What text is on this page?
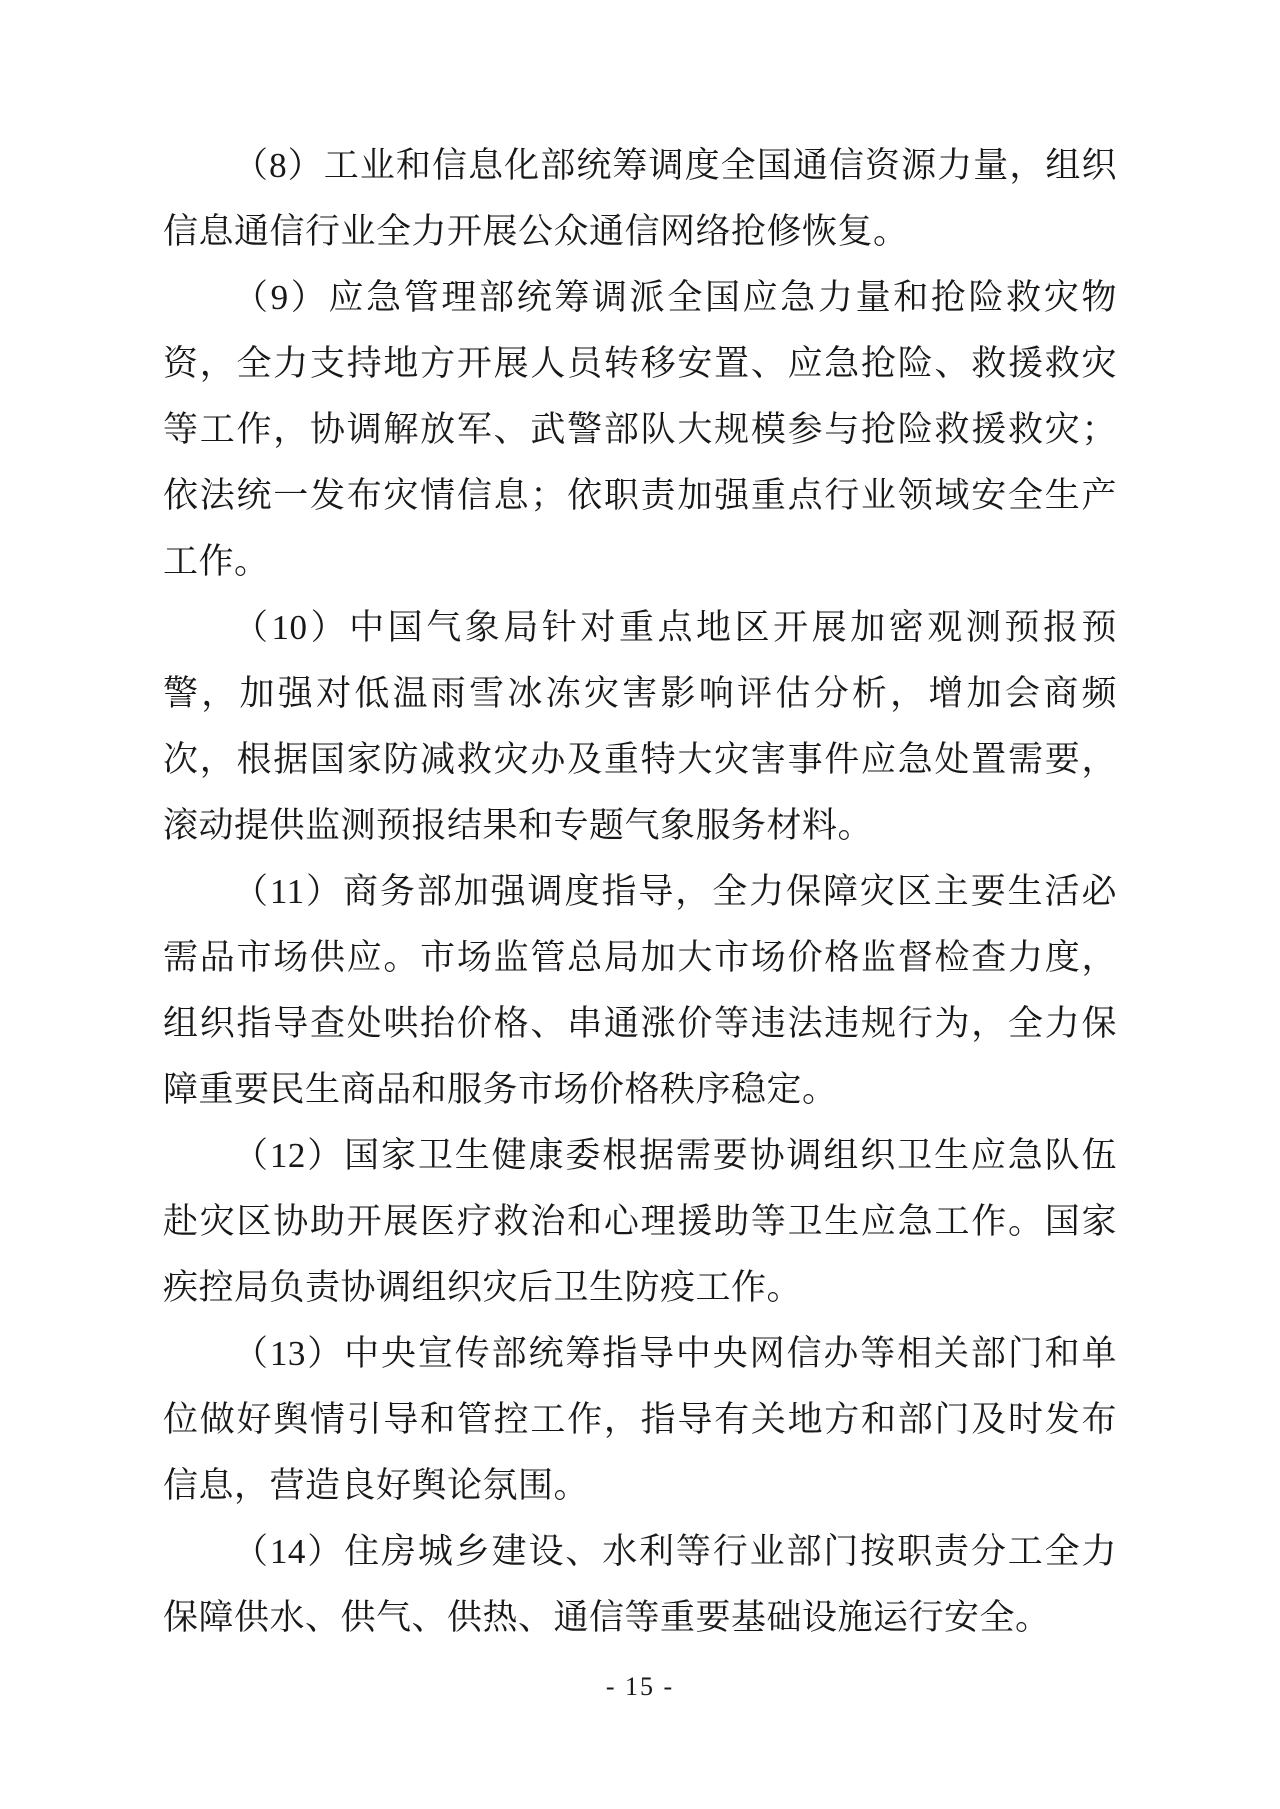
（8）工业和信息化部统筹调度全国通信资源力量，组织信息通信行业全力开展公众通信网络抢修恢复。

（9）应急管理部统筹调派全国应急力量和抢险救灾物资，全力支持地方开展人员转移安置、应急抢险、救援救灾等工作，协调解放军、武警部队大规模参与抢险救援救灾；依法统一发布灾情信息；依职责加强重点行业领域安全生产工作。

（10）中国气象局针对重点地区开展加密观测预报预警，加强对低温雨雪冰冻灾害影响评估分析，增加会商频次，根据国家防减救灾办及重特大灾害事件应急处置需要，滚动提供监测预报结果和专题气象服务材料。

（11）商务部加强调度指导，全力保障灾区主要生活必需品市场供应。市场监管总局加大市场价格监督检查力度，组织指导查处哄抬价格、串通涨价等违法违规行为，全力保障重要民生商品和服务市场价格秩序稳定。

（12）国家卫生健康委根据需要协调组织卫生应急队伍赴灾区协助开展医疗救治和心理援助等卫生应急工作。国家疾控局负责协调组织灾后卫生防疫工作。

（13）中央宣传部统筹指导中央网信办等相关部门和单位做好舆情引导和管控工作，指导有关地方和部门及时发布信息，营造良好舆论氛围。

（14）住房城乡建设、水利等行业部门按职责分工全力保障供水、供气、供热、通信等重要基础设施运行安全。

- 15 -
